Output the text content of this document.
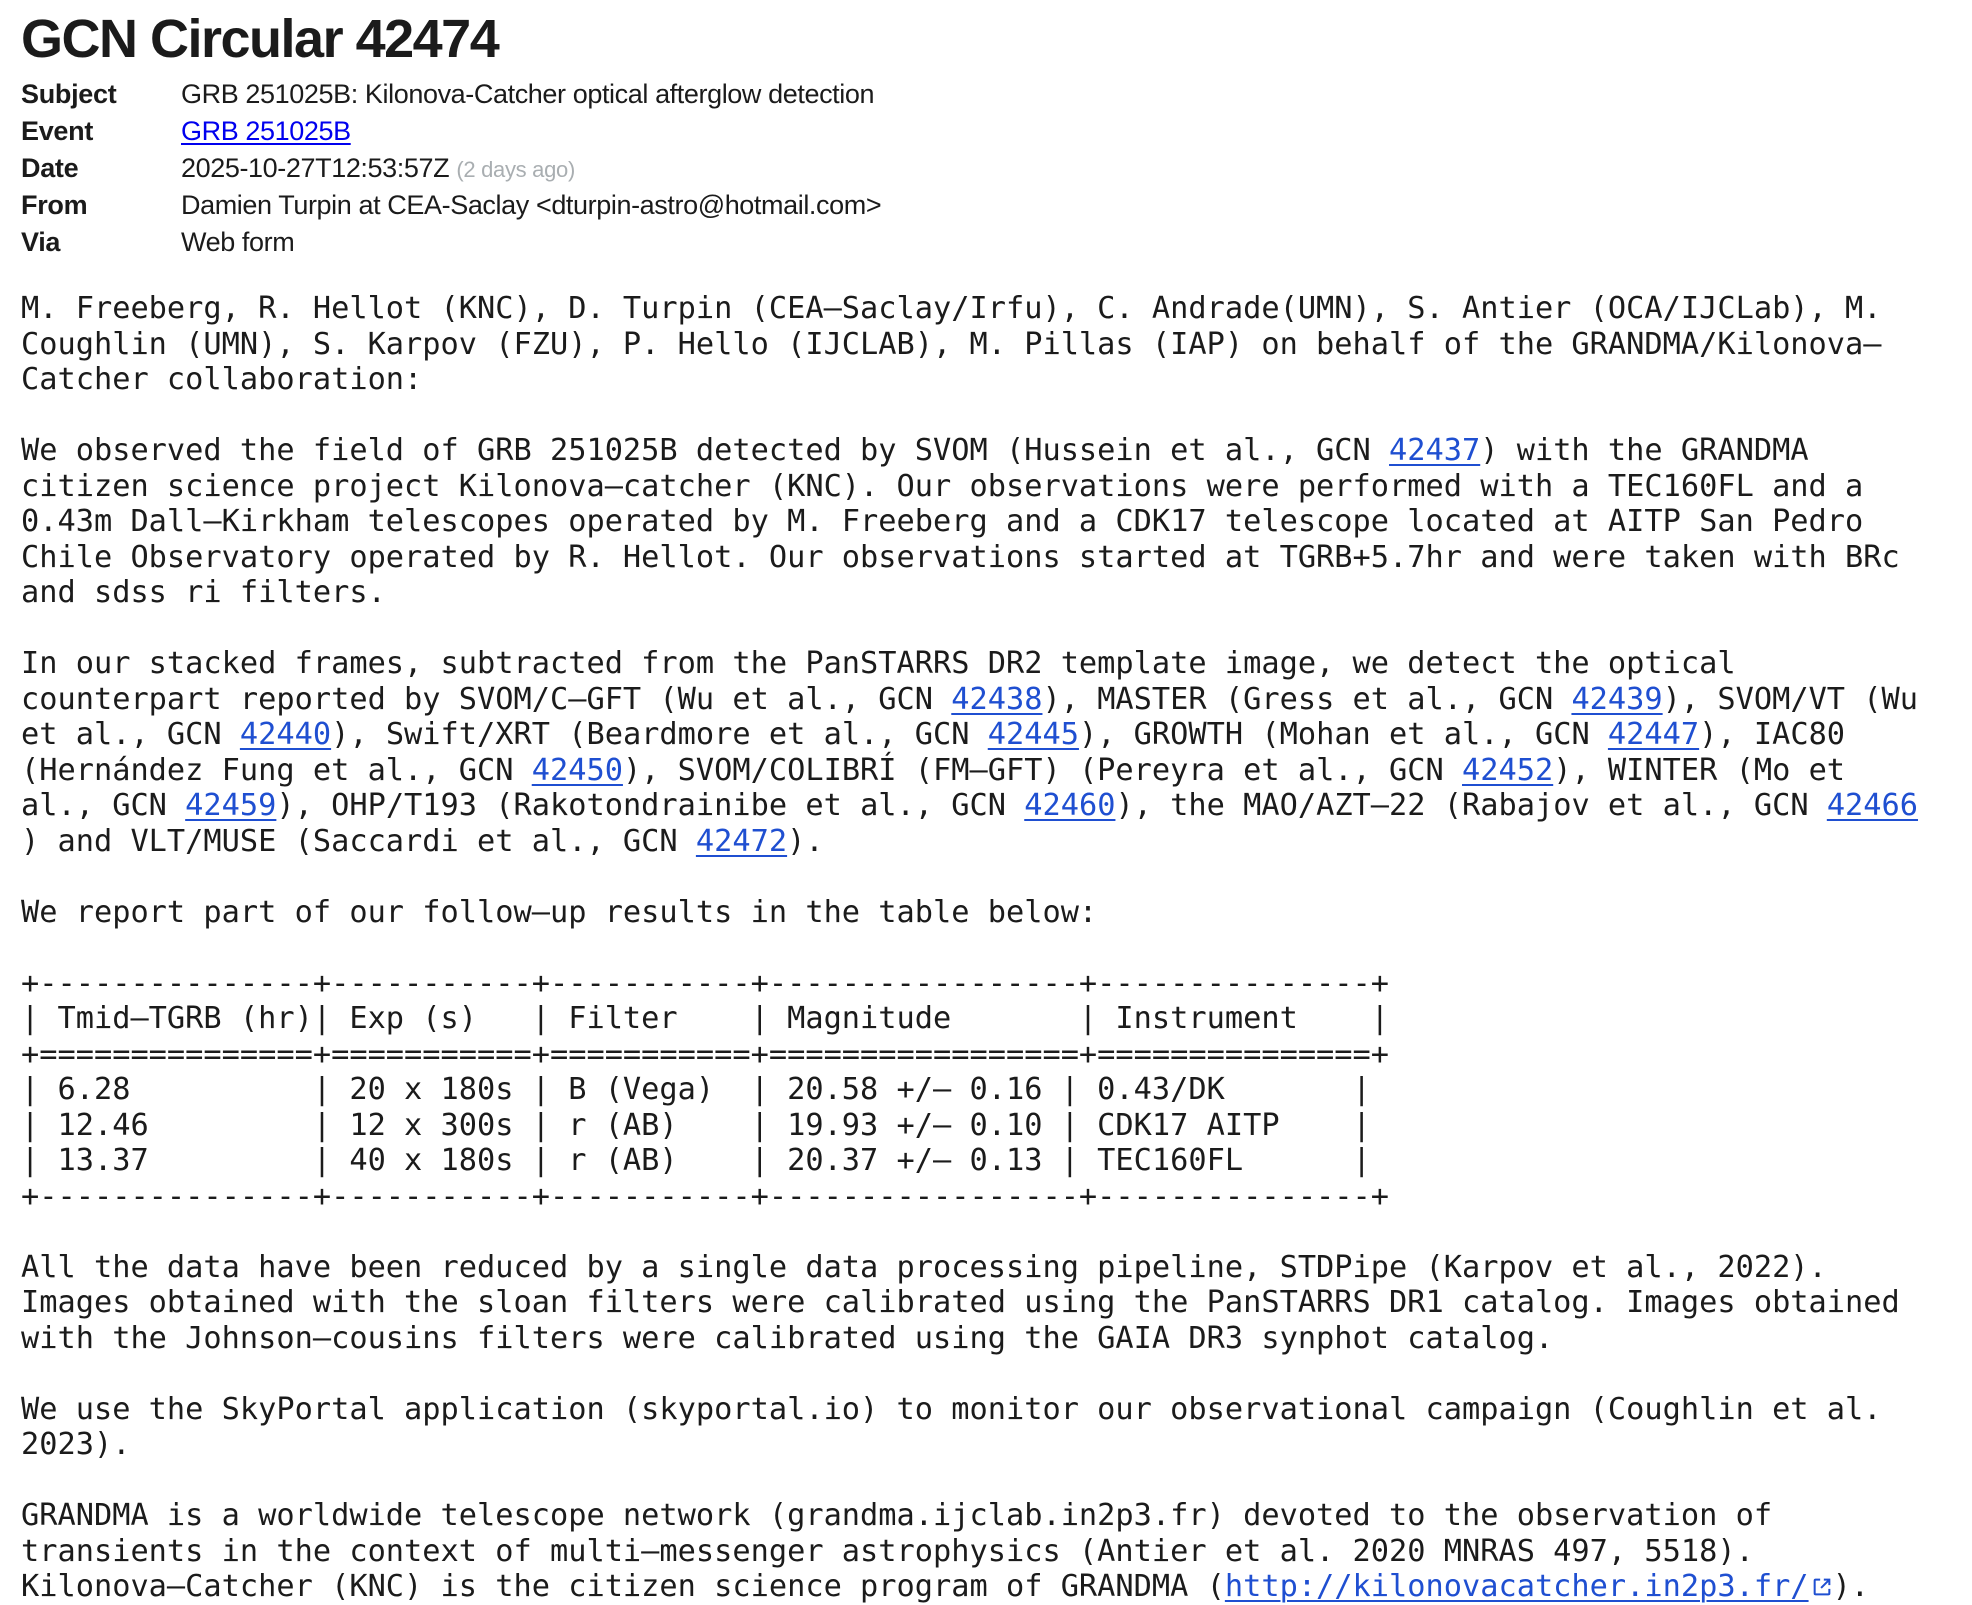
GCN Circular 42474
Subject	GRB 251025B: Kilonova-Catcher optical afterglow detection
Event	GRB 251025B
Date	2025-10-27T12:53:57Z (2 days ago)
From	Damien Turpin at CEA-Saclay <dturpin-astro@hotmail.com>
Via	Web form
M. Freeberg, R. Hellot (KNC), D. Turpin (CEA–Saclay/Irfu), C. Andrade(UMN), S. Antier (OCA/IJCLab), M.
Coughlin (UMN), S. Karpov (FZU), P. Hello (IJCLAB), M. Pillas (IAP) on behalf of the GRANDMA/Kilonova–
Catcher collaboration:
We observed the field of GRB 251025B detected by SVOM (Hussein et al., GCN 42437) with the GRANDMA
citizen science project Kilonova–catcher (KNC). Our observations were performed with a TEC160FL and a
0.43m Dall–Kirkham telescopes operated by M. Freeberg and a CDK17 telescope located at AITP San Pedro
Chile Observatory operated by R. Hellot. Our observations started at TGRB+5.7hr and were taken with BRc
and sdss ri filters.
In our stacked frames, subtracted from the PanSTARRS DR2 template image, we detect the optical
counterpart reported by SVOM/C–GFT (Wu et al., GCN 42438), MASTER (Gress et al., GCN 42439), SVOM/VT (Wu
et al., GCN 42440), Swift/XRT (Beardmore et al., GCN 42445), GROWTH (Mohan et al., GCN 42447), IAC80
(Hernández Fung et al., GCN 42450), SVOM/COLIBRÍ (FM–GFT) (Pereyra et al., GCN 42452), WINTER (Mo et
al., GCN 42459), OHP/T193 (Rakotondrainibe et al., GCN 42460), the MAO/AZT–22 (Rabajov et al., GCN 42466
) and VLT/MUSE (Saccardi et al., GCN 42472).
We report part of our follow–up results in the table below:
+---------------+-----------+-----------+-----------------+---------------+
| Tmid–TGRB (hr)| Exp (s)   | Filter    | Magnitude       | Instrument    |
+===============+===========+===========+=================+===============+
| 6.28          | 20 x 180s | B (Vega)  | 20.58 +/– 0.16 | 0.43/DK       |
| 12.46         | 12 x 300s | r (AB)    | 19.93 +/– 0.10 | CDK17 AITP    |
| 13.37         | 40 x 180s | r (AB)    | 20.37 +/– 0.13 | TEC160FL      |
+---------------+-----------+-----------+-----------------+---------------+
All the data have been reduced by a single data processing pipeline, STDPipe (Karpov et al., 2022).
Images obtained with the sloan filters were calibrated using the PanSTARRS DR1 catalog. Images obtained
with the Johnson–cousins filters were calibrated using the GAIA DR3 synphot catalog.
We use the SkyPortal application (skyportal.io) to monitor our observational campaign (Coughlin et al.
2023).
GRANDMA is a worldwide telescope network (grandma.ijclab.in2p3.fr) devoted to the observation of
transients in the context of multi–messenger astrophysics (Antier et al. 2020 MNRAS 497, 5518).
Kilonova–Catcher (KNC) is the citizen science program of GRANDMA (http://kilonovacatcher.in2p3.fr/ ).
